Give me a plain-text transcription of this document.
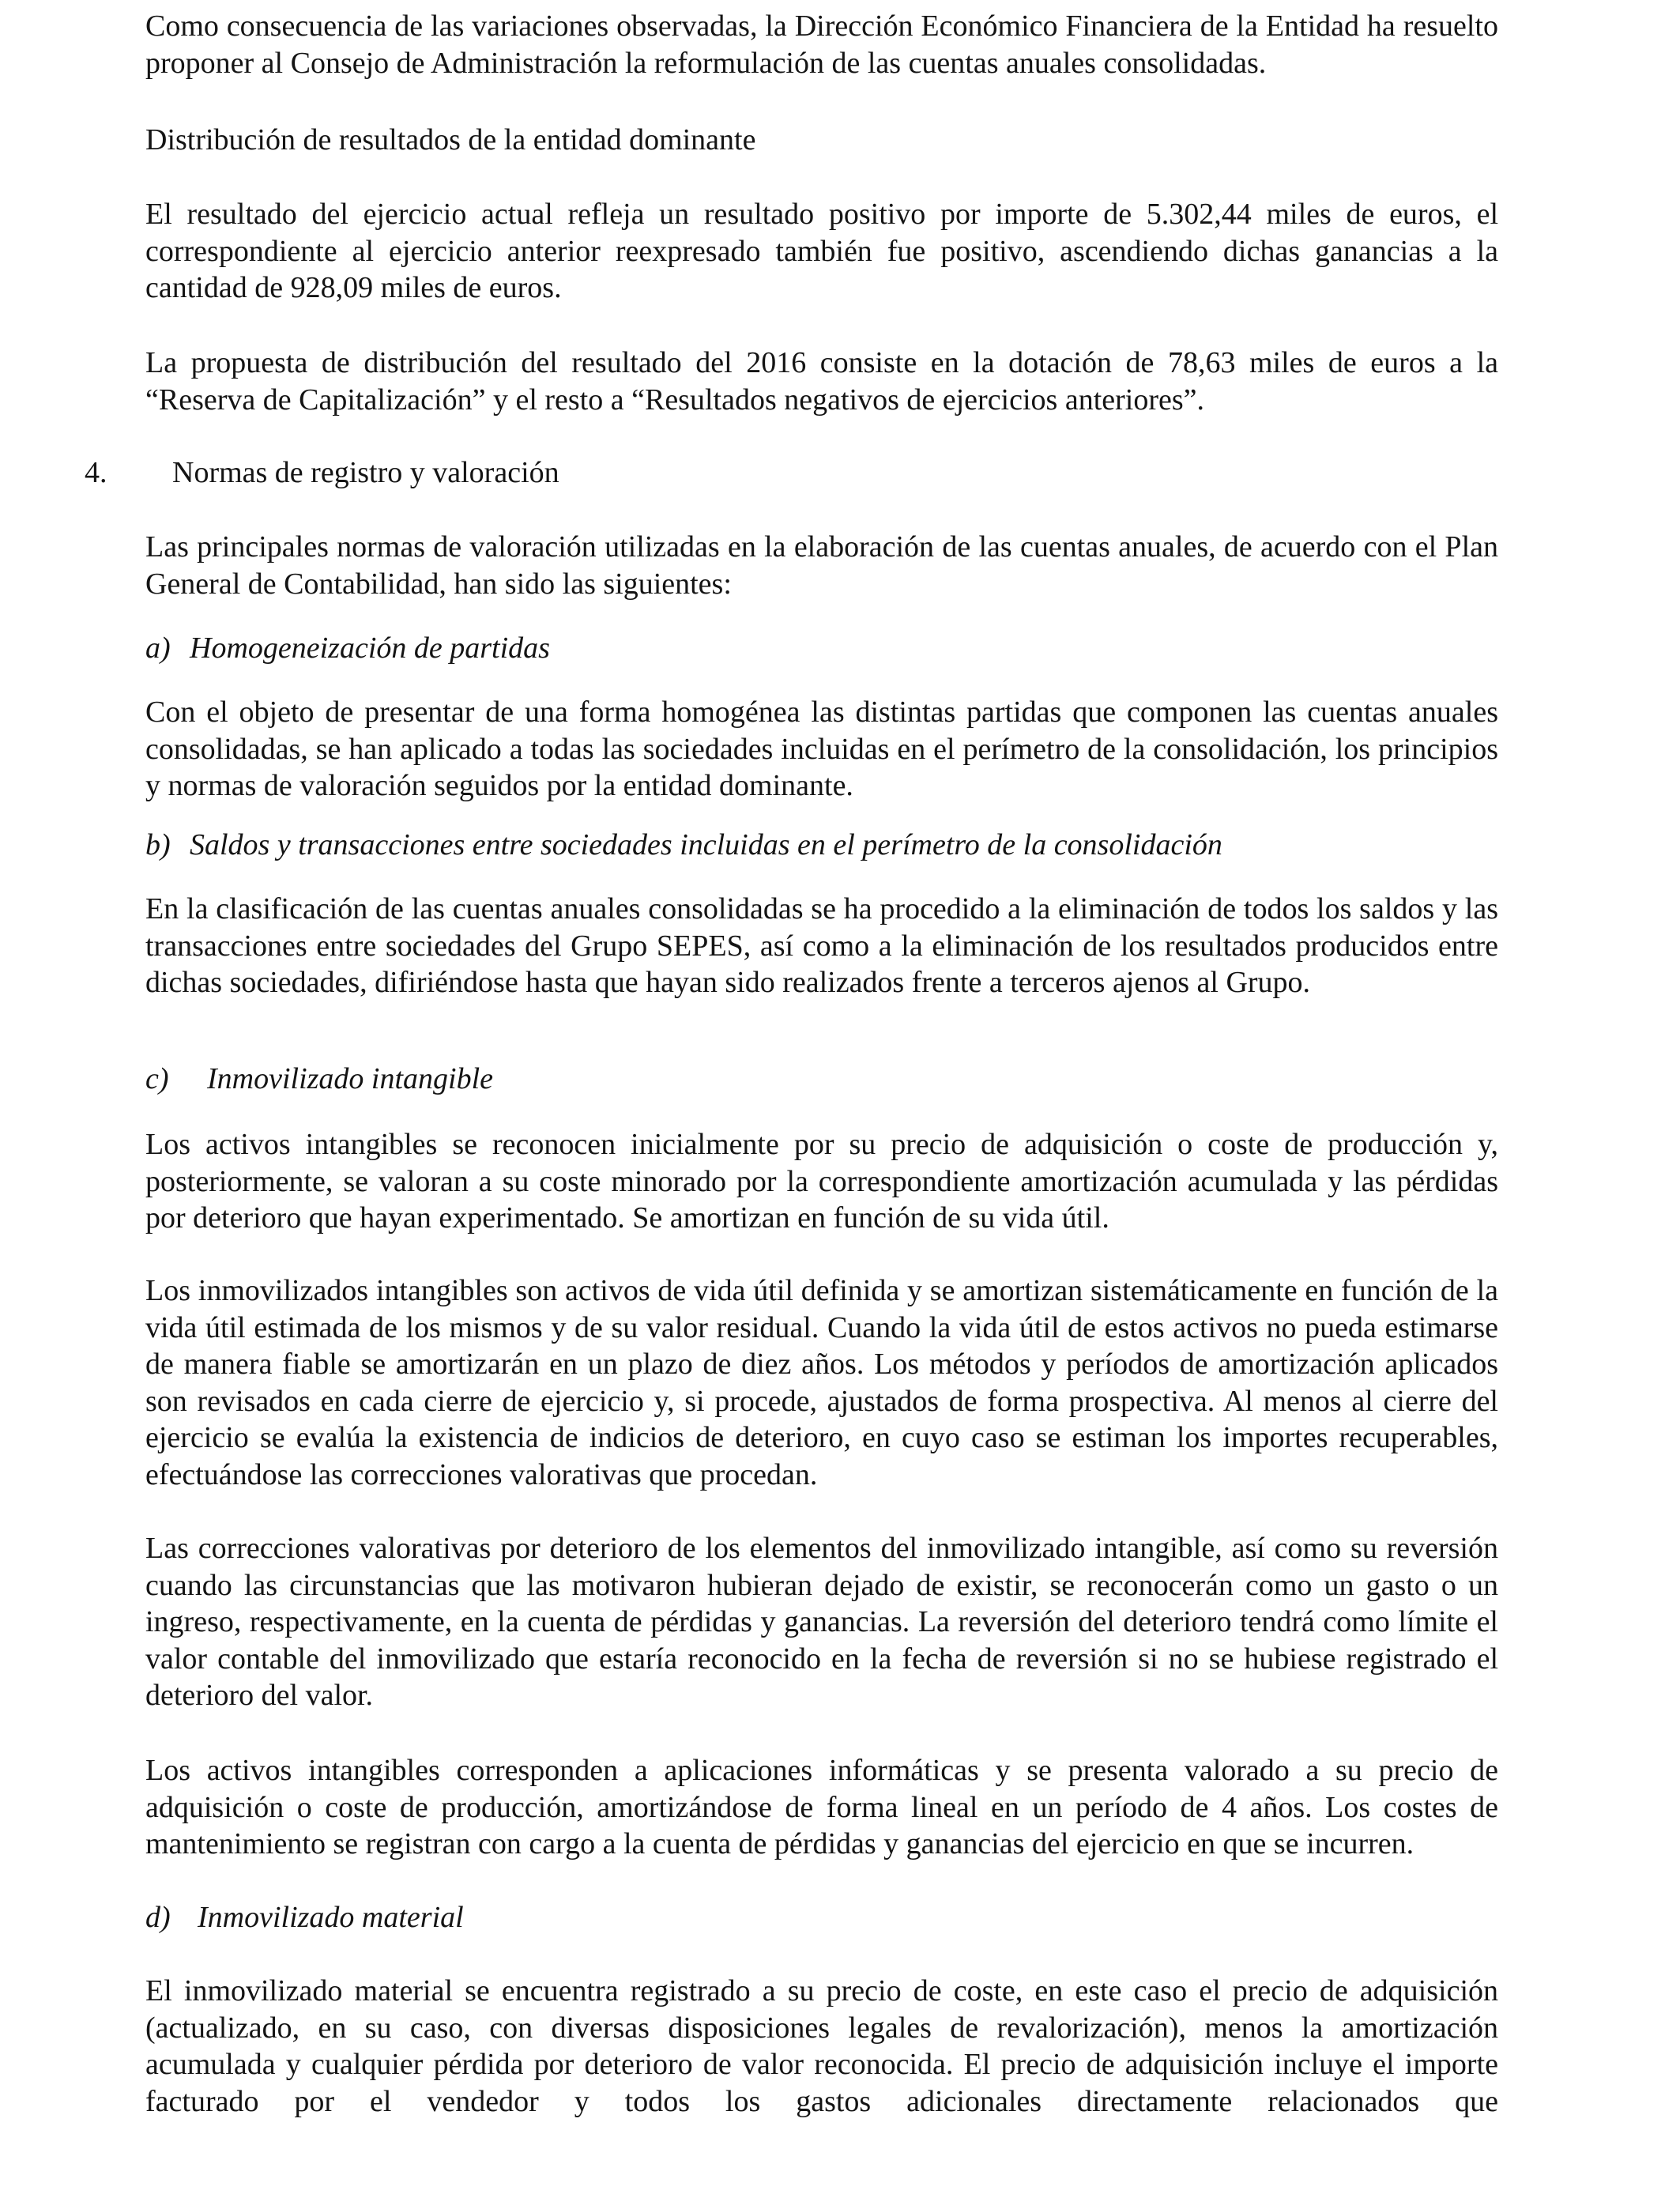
Como consecuencia de las variaciones observadas, la Dirección Económico Financiera de la Entidad ha resuelto proponer al Consejo de Administración la reformulación de las cuentas anuales consolidadas.

Distribución de resultados de la entidad dominante

El resultado del ejercicio actual refleja un resultado positivo por importe de 5.302,44 miles de euros, el correspondiente al ejercicio anterior reexpresado también fue positivo, ascendiendo dichas ganancias a la cantidad de 928,09 miles de euros.

La propuesta de distribución del resultado del 2016 consiste en la dotación de 78,63 miles de euros a la “Reserva de Capitalización” y el resto a “Resultados negativos de ejercicios anteriores”.

4. Normas de registro y valoración

Las principales normas de valoración utilizadas en la elaboración de las cuentas anuales, de acuerdo con el Plan General de Contabilidad, han sido las siguientes:

a) Homogeneización de partidas

Con el objeto de presentar de una forma homogénea las distintas partidas que componen las cuentas anuales consolidadas, se han aplicado a todas las sociedades incluidas en el perímetro de la consolidación, los principios y normas de valoración seguidos por la entidad dominante.

b) Saldos y transacciones entre sociedades incluidas en el perímetro de la consolidación

En la clasificación de las cuentas anuales consolidadas se ha procedido a la eliminación de todos los saldos y las transacciones entre sociedades del Grupo SEPES, así como a la eliminación de los resultados producidos entre dichas sociedades, difiriéndose hasta que hayan sido realizados frente a terceros ajenos al Grupo.

c) Inmovilizado intangible

Los activos intangibles se reconocen inicialmente por su precio de adquisición o coste de producción y, posteriormente, se valoran a su coste minorado por la correspondiente amortización acumulada y las pérdidas por deterioro que hayan experimentado. Se amortizan en función de su vida útil.

Los inmovilizados intangibles son activos de vida útil definida y se amortizan sistemáticamente en función de la vida útil estimada de los mismos y de su valor residual. Cuando la vida útil de estos activos no pueda estimarse de manera fiable se amortizarán en un plazo de diez años. Los métodos y períodos de amortización aplicados son revisados en cada cierre de ejercicio y, si procede, ajustados de forma prospectiva. Al menos al cierre del ejercicio se evalúa la existencia de indicios de deterioro, en cuyo caso se estiman los importes recuperables, efectuándose las correcciones valorativas que procedan.

Las correcciones valorativas por deterioro de los elementos del inmovilizado intangible, así como su reversión cuando las circunstancias que las motivaron hubieran dejado de existir, se reconocerán como un gasto o un ingreso, respectivamente, en la cuenta de pérdidas y ganancias. La reversión del deterioro tendrá como límite el valor contable del inmovilizado que estaría reconocido en la fecha de reversión si no se hubiese registrado el deterioro del valor.

Los activos intangibles corresponden a aplicaciones informáticas y se presenta valorado a su precio de adquisición o coste de producción, amortizándose de forma lineal en un período de 4 años. Los costes de mantenimiento se registran con cargo a la cuenta de pérdidas y ganancias del ejercicio en que se incurren.

d) Inmovilizado material

El inmovilizado material se encuentra registrado a su precio de coste, en este caso el precio de adquisición (actualizado, en su caso, con diversas disposiciones legales de revalorización), menos la amortización acumulada y cualquier pérdida por deterioro de valor reconocida. El precio de adquisición incluye el importe facturado por el vendedor y todos los gastos adicionales directamente relacionados que
